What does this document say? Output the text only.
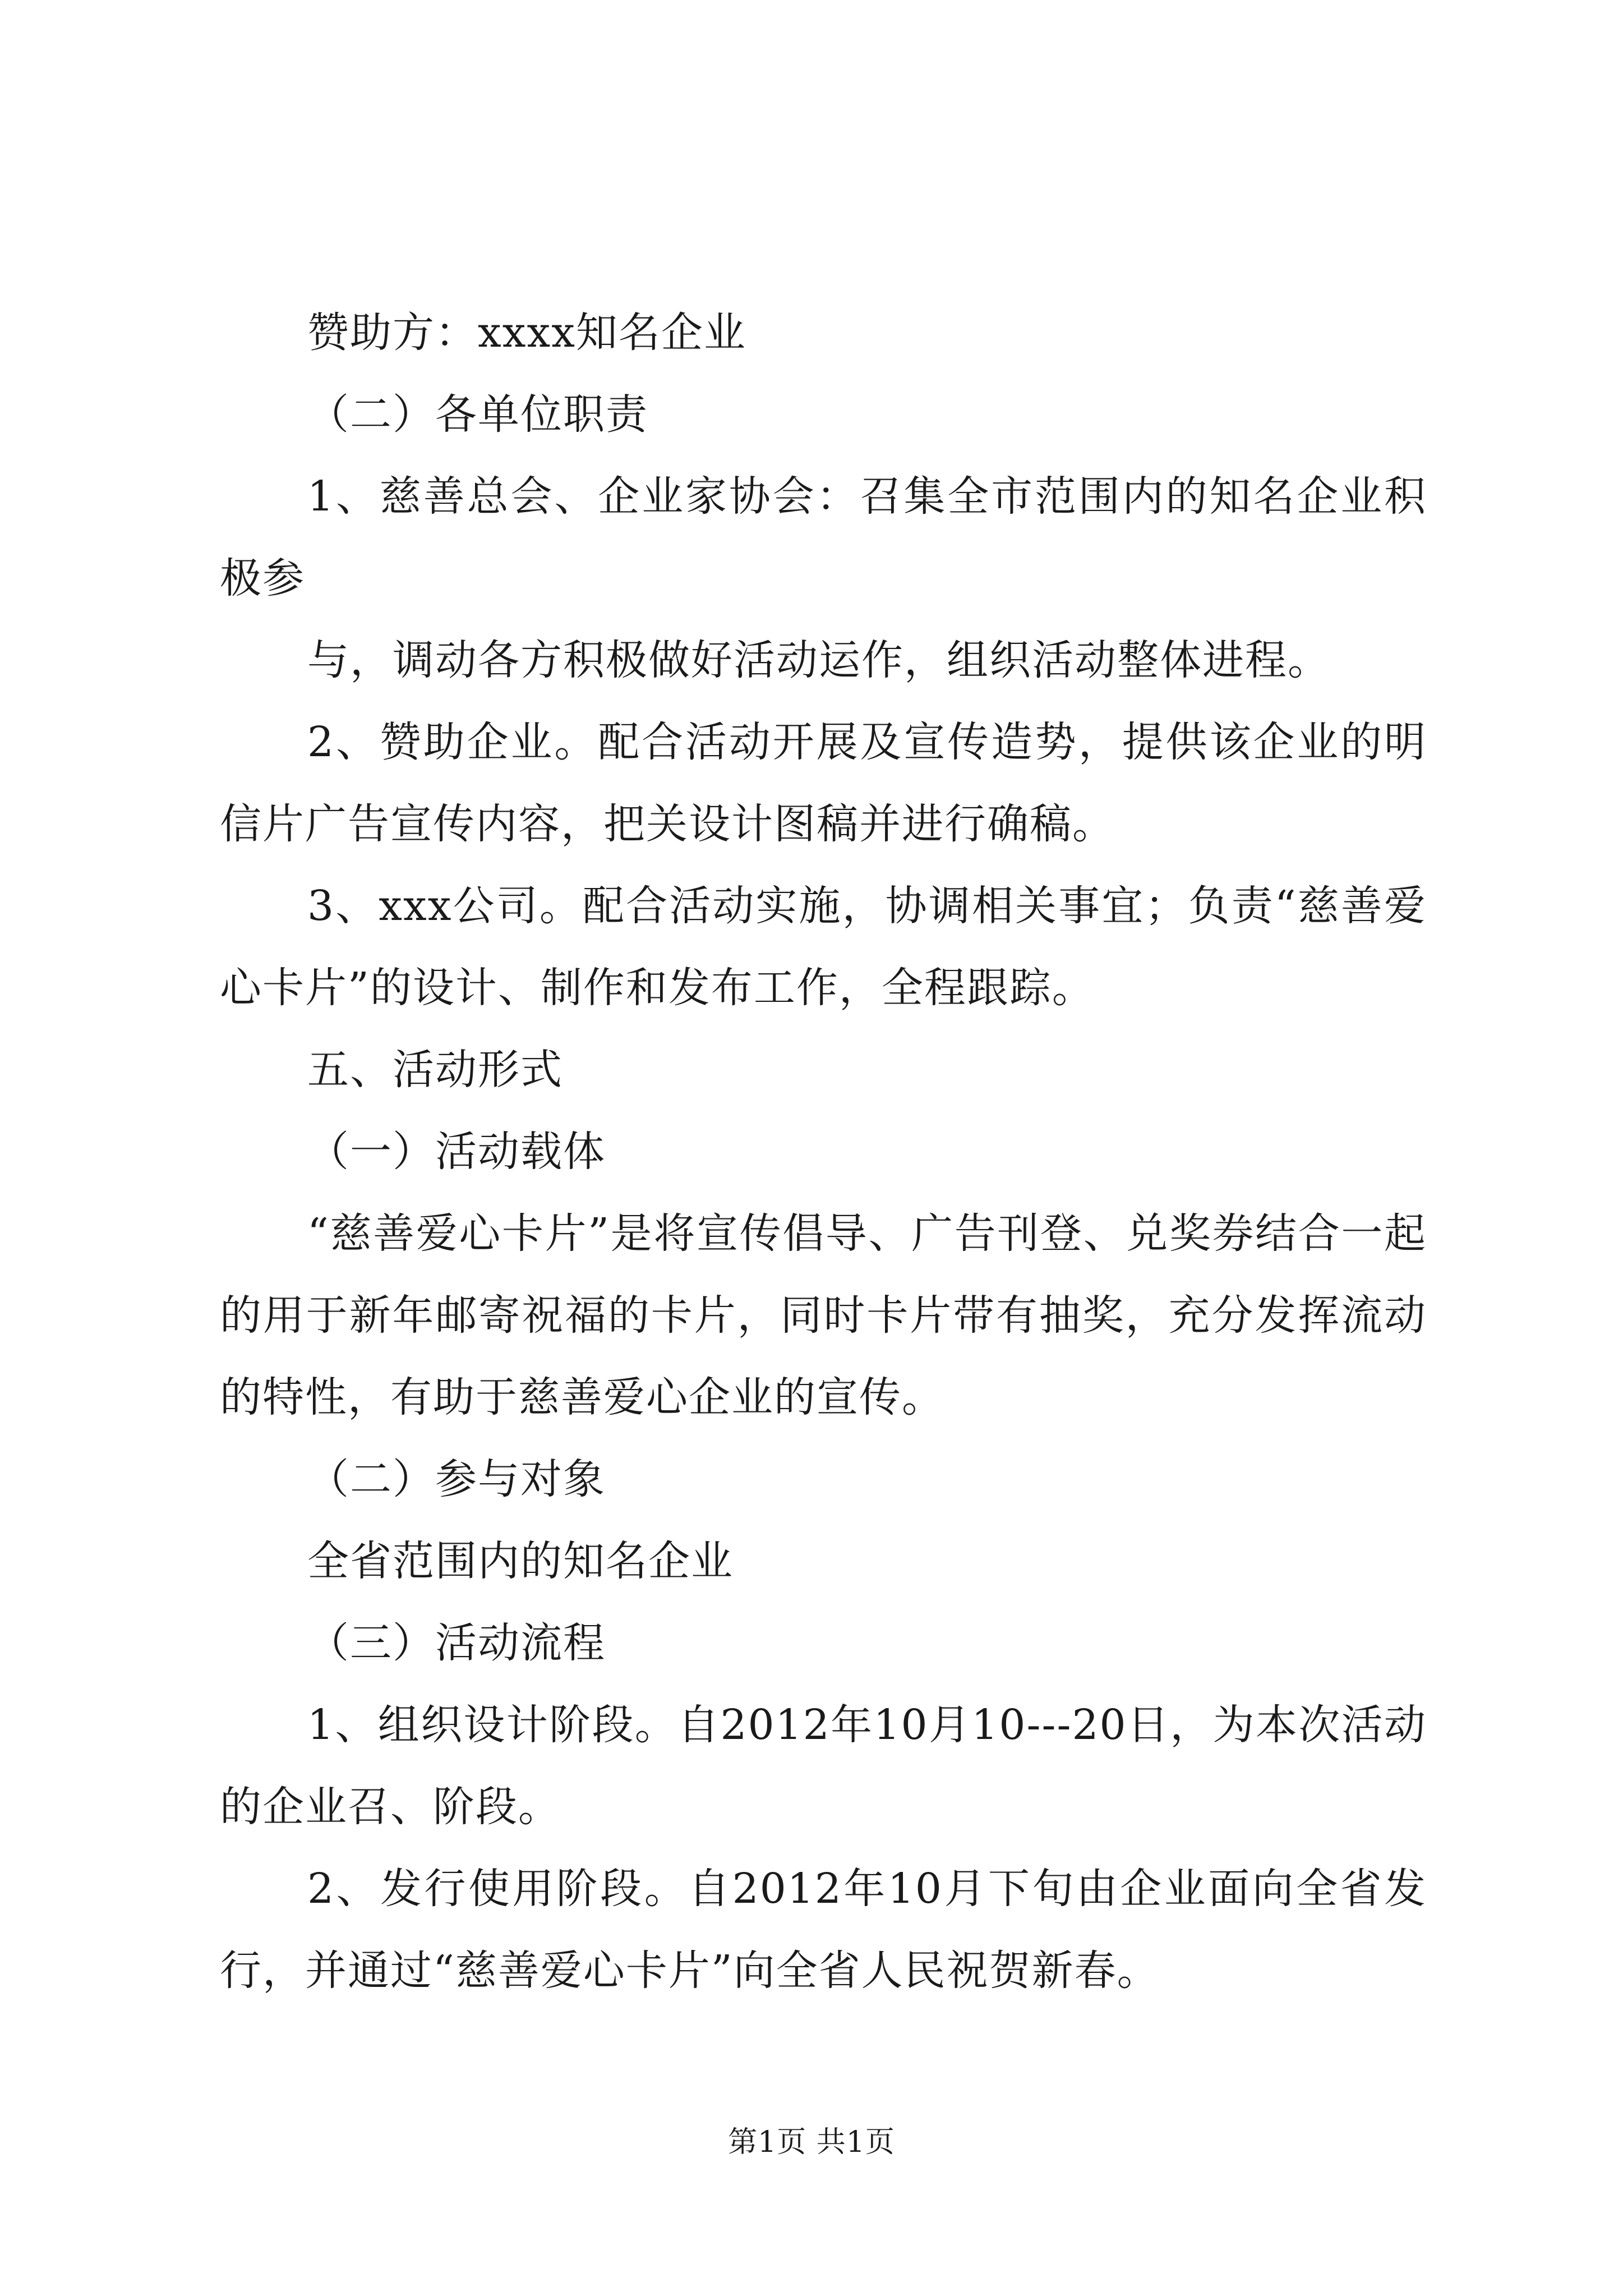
赞助方：xxxx知名企业

（二）各单位职责

1、慈善总会、企业家协会：召集全市范围内的知名企业积极参

与，调动各方积极做好活动运作，组织活动整体进程。

2、赞助企业。配合活动开展及宣传造势，提供该企业的明信片广告宣传内容，把关设计图稿并进行确稿。

3、xxx公司。配合活动实施，协调相关事宜；负责“慈善爱心卡片”的设计、制作和发布工作，全程跟踪。

五、活动形式

（一）活动载体

“慈善爱心卡片”是将宣传倡导、广告刊登、兑奖券结合一起的用于新年邮寄祝福的卡片，同时卡片带有抽奖，充分发挥流动的特性，有助于慈善爱心企业的宣传。

（二）参与对象

全省范围内的知名企业

（三）活动流程

1、组织设计阶段。自2012年10月10---20日，为本次活动的企业召、阶段。

2、发行使用阶段。自2012年10月下旬由企业面向全省发行，并通过“慈善爱心卡片”向全省人民祝贺新春。

第1页 共1页
